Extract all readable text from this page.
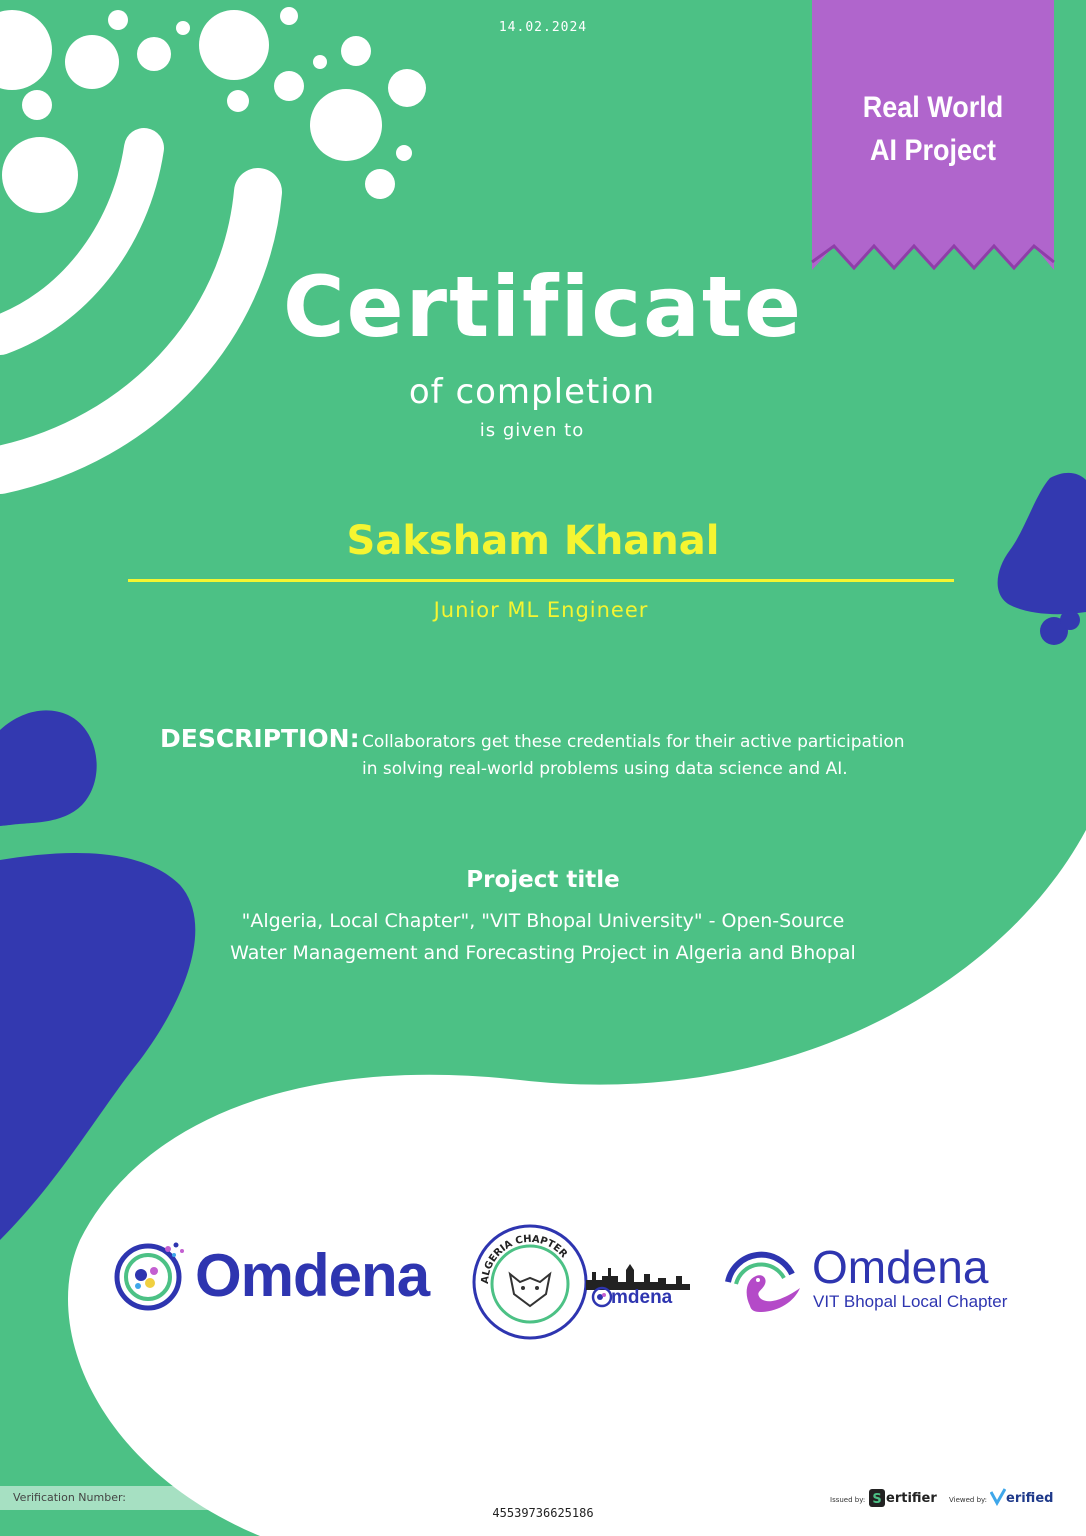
14.02.2024
Real World
AI Project
Certificate
of completion
is given to
Saksham Khanal
Junior ML Engineer
DESCRIPTION: Collaborators get these credentials for their active participation in solving real-world problems using data science and AI.
Project title
"Algeria, Local Chapter", "VIT Bhopal University" - Open-Source Water Management and Forecasting Project in Algeria and Bhopal
Omdena	ALGERIA CHAPTER
mdena
Omdena
VIT Bhopal Local Chapter
Verification Number:
45539736625186
Issued by: S ertifier Viewed by: erified
